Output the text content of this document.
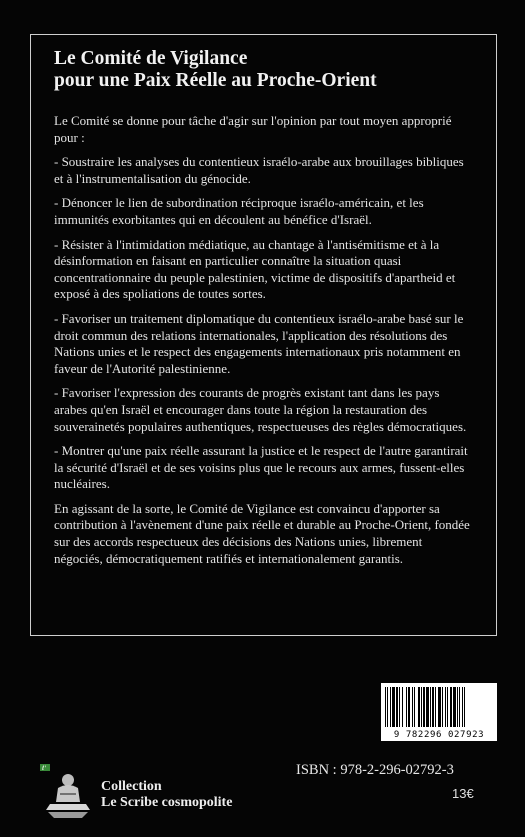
Le Comité de Vigilance
pour une Paix Réelle au Proche-Orient

Le Comité se donne pour tâche d'agir sur l'opinion par tout moyen approprié pour :

- Soustraire les analyses du contentieux israélo-arabe aux brouillages bibliques et à l'instrumentalisation du génocide.

- Dénoncer le lien de subordination réciproque israélo-américain, et les immunités exorbitantes qui en découlent au bénéfice d'Israël.

- Résister à l'intimidation médiatique, au chantage à l'antisémitisme et à la désinformation en faisant en particulier connaître la situation quasi concentrationnaire du peuple palestinien, victime de dispositifs d'apartheid et exposé à des spoliations de toutes sortes.

- Favoriser un traitement diplomatique du contentieux israélo-arabe basé sur le droit commun des relations internationales, l'application des résolutions des Nations unies et le respect des engagements internationaux pris notamment en faveur de l'Autorité palestinienne.

- Favoriser l'expression des courants de progrès existant tant dans les pays arabes qu'en Israël et encourager dans toute la région la restauration des souverainetés populaires authentiques, respectueuses des règles démocratiques.

- Montrer qu'une paix réelle assurant la justice et le respect de l'autre garantirait la sécurité d'Israël et de ses voisins plus que le recours aux armes, fussent-elles nucléaires.

En agissant de la sorte, le Comité de Vigilance est convaincu d'apporter sa contribution à l'avènement d'une paix réelle et durable au Proche-Orient, fondée sur des accords respectueux des décisions des Nations unies, librement négociés, démocratiquement ratifiés et internationalement garantis.

9 782296 027923
ISBN : 978-2-296-02792-3
13€
ℓ'
Collection
Le Scribe cosmopolite
